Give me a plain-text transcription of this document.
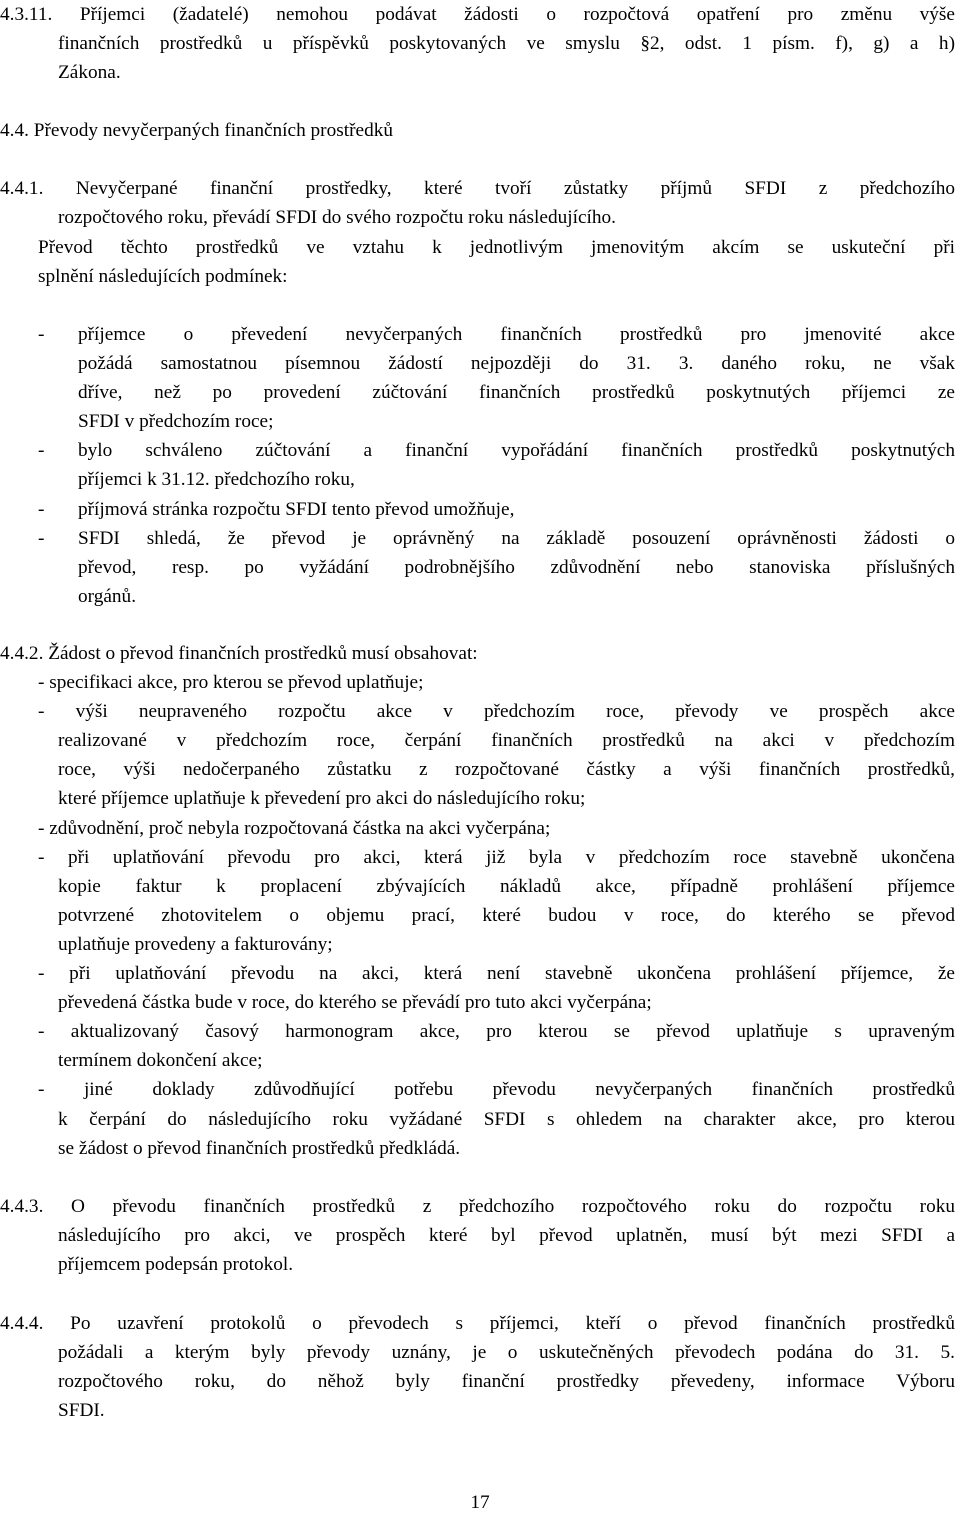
4.3.11. Příjemci (žadatelé) nemohou podávat žádosti o rozpočtová opatření pro změnu výše
finančních prostředků u příspěvků poskytovaných ve smyslu §2, odst. 1 písm. f), g) a h)
Zákona.
4.4. Převody nevyčerpaných finančních prostředků
4.4.1. Nevyčerpané finanční prostředky, které tvoří zůstatky příjmů SFDI z předchozího
rozpočtového roku, převádí SFDI do svého rozpočtu roku následujícího.
Převod těchto prostředků ve vztahu k jednotlivým jmenovitým akcím se uskuteční při
splnění následujících podmínek:
- příjemce o převedení nevyčerpaných finančních prostředků pro jmenovité akce
požádá samostatnou písemnou žádostí nejpozději do 31. 3. daného roku, ne však
dříve, než po provedení zúčtování finančních prostředků poskytnutých příjemci ze
SFDI v předchozím roce;
- bylo schváleno zúčtování a finanční vypořádání finančních prostředků poskytnutých
příjemci k 31.12. předchozího roku,
- příjmová stránka rozpočtu SFDI tento převod umožňuje,
- SFDI shledá, že převod je oprávněný na základě posouzení oprávněnosti žádosti o
převod, resp. po vyžádání podrobnějšího zdůvodnění nebo stanoviska příslušných
orgánů.
4.4.2. Žádost o převod finančních prostředků musí obsahovat:
- specifikaci akce, pro kterou se převod uplatňuje;
- výši neupraveného rozpočtu akce v předchozím roce, převody ve prospěch akce
realizované v předchozím roce, čerpání finančních prostředků na akci v předchozím
roce, výši nedočerpaného zůstatku z rozpočtované částky a výši finančních prostředků,
které příjemce uplatňuje k převedení pro akci do následujícího roku;
- zdůvodnění, proč nebyla rozpočtovaná částka na akci vyčerpána;
- při uplatňování převodu pro akci, která již byla v předchozím roce stavebně ukončena
kopie faktur k proplacení zbývajících nákladů akce, případně prohlášení příjemce
potvrzené zhotovitelem o objemu prací, které budou v roce, do kterého se převod
uplatňuje provedeny a fakturovány;
- při uplatňování převodu na akci, která není stavebně ukončena prohlášení příjemce, že
převedená částka bude v roce, do kterého se převádí pro tuto akci vyčerpána;
- aktualizovaný časový harmonogram akce, pro kterou se převod uplatňuje s upraveným
termínem dokončení akce;
- jiné doklady zdůvodňující potřebu převodu nevyčerpaných finančních prostředků
k čerpání do následujícího roku vyžádané SFDI s ohledem na charakter akce, pro kterou
se žádost o převod finančních prostředků předkládá.
4.4.3. O převodu finančních prostředků z předchozího rozpočtového roku do rozpočtu roku
následujícího pro akci, ve prospěch které byl převod uplatněn, musí být mezi SFDI a
příjemcem podepsán protokol.
4.4.4. Po uzavření protokolů o převodech s příjemci, kteří o převod finančních prostředků
požádali a kterým byly převody uznány, je o uskutečněných převodech podána do 31. 5.
rozpočtového roku, do něhož byly finanční prostředky převedeny, informace Výboru
SFDI.
17
